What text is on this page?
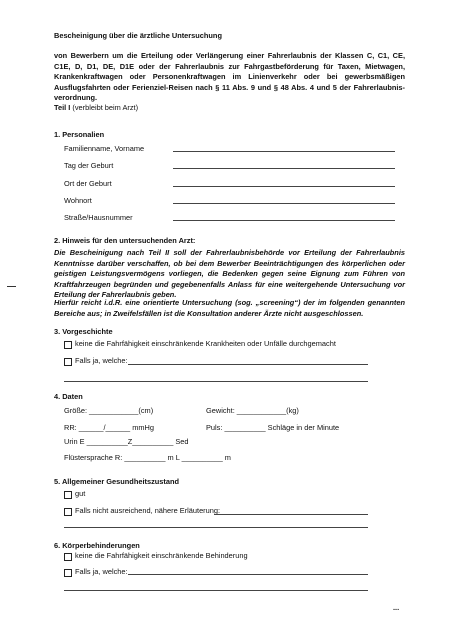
Bescheinigung über die ärztliche Untersuchung
von Bewerbern um die Erteilung oder Verlängerung einer Fahrerlaubnis der Klassen C, C1, CE, C1E, D, D1, DE, D1E oder der Fahrerlaubnis zur Fahrgastbeförderung für Taxen, Mietwagen, Krankenkraftwagen oder Personenkraftwagen im Linienverkehr oder bei gewerbsmäßigen Ausflugsfahrten oder Ferienziel-Reisen nach § 11 Abs. 9 und § 48 Abs. 4 und 5 der Fahrerlaubnis-verordnung.
Teil I (verbleibt beim Arzt)
1. Personalien
Familienname, Vorname
Tag der Geburt
Ort der Geburt
Wohnort
Straße/Hausnummer
2. Hinweis für den untersuchenden Arzt:
Die Bescheinigung nach Teil II soll der Fahrerlaubnisbehörde vor Erteilung der Fahrerlaubnis Kenntnisse darüber verschaffen, ob bei dem Bewerber Beeinträchtigungen des körperlichen oder geistigen Leistungsvermögens vorliegen, die Bedenken gegen seine Eignung zum Führen von Kraftfahrzeugen begründen und gegebenenfalls Anlass für eine weitergehende Untersuchung vor Erteilung der Fahrerlaubnis geben.
Hierfür reicht i.d.R. eine orientierte Untersuchung (sog. „screening“) der im folgenden genannten Bereiche aus; in Zweifelsfällen ist die Konsultation anderer Ärzte nicht ausgeschlossen.
3. Vorgeschichte
keine die Fahrfähigkeit einschränkende Krankheiten oder Unfälle durchgemacht
Falls ja, welche:
4. Daten
Größe: ____________(cm)	Gewicht: ____________(kg)
RR: ______/______ mmHg	Puls: __________ Schläge in der Minute
Urin E __________Z__________ Sed
Flüstersprache R: __________ m L __________ m
5. Allgemeiner Gesundheitszustand
gut
Falls nicht ausreichend, nähere Erläuterung:
6. Körperbehinderungen
keine die Fahrfähigkeit einschränkende Behinderung
Falls ja, welche:
...
